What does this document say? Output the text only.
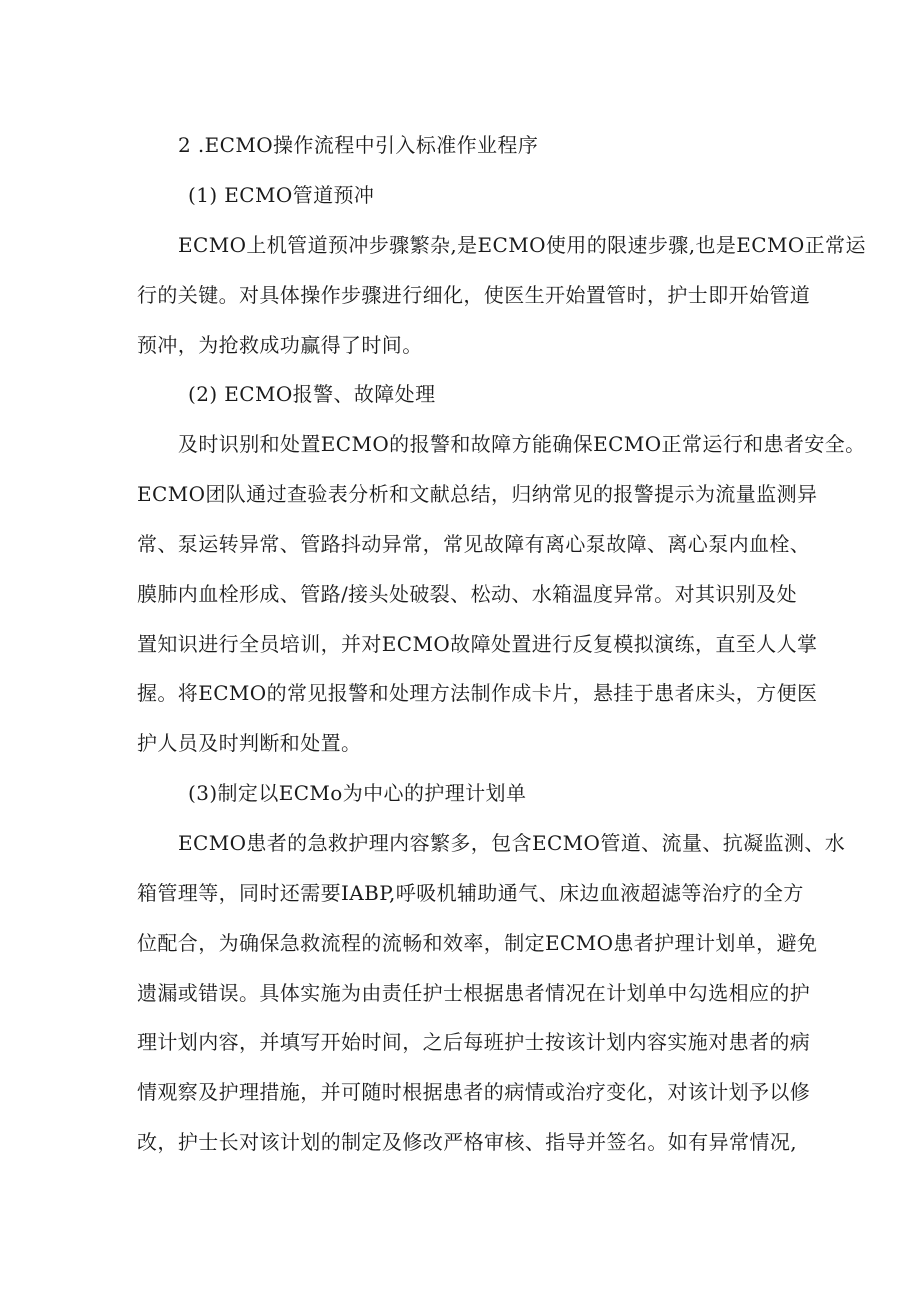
2 .ECMO操作流程中引入标准作业程序
(1) ECMO管道预冲
ECMO上机管道预冲步骤繁杂,是ECMO使用的限速步骤,也是ECMO正常运
行的关键。对具体操作步骤进行细化，使医生开始置管时，护士即开始管道
预冲，为抢救成功赢得了时间。
(2) ECMO报警、故障处理
及时识别和处置ECMO的报警和故障方能确保ECMO正常运行和患者安全。
ECMO团队通过查验表分析和文献总结，归纳常见的报警提示为流量监测异
常、泵运转异常、管路抖动异常，常见故障有离心泵故障、离心泵内血栓、
膜肺内血栓形成、管路/接头处破裂、松动、水箱温度异常。对其识别及处
置知识进行全员培训，并对ECMO故障处置进行反复模拟演练，直至人人掌
握。将ECMO的常见报警和处理方法制作成卡片，悬挂于患者床头，方便医
护人员及时判断和处置。
(3)制定以ECMo为中心的护理计划单
ECMO患者的急救护理内容繁多，包含ECMO管道、流量、抗凝监测、水
箱管理等，同时还需要IABP,呼吸机辅助通气、床边血液超滤等治疗的全方
位配合，为确保急救流程的流畅和效率，制定ECMO患者护理计划单，避免
遗漏或错误。具体实施为由责任护士根据患者情况在计划单中勾选相应的护
理计划内容，并填写开始时间，之后每班护士按该计划内容实施对患者的病
情观察及护理措施，并可随时根据患者的病情或治疗变化，对该计划予以修
改，护士长对该计划的制定及修改严格审核、指导并签名。如有异常情况,
